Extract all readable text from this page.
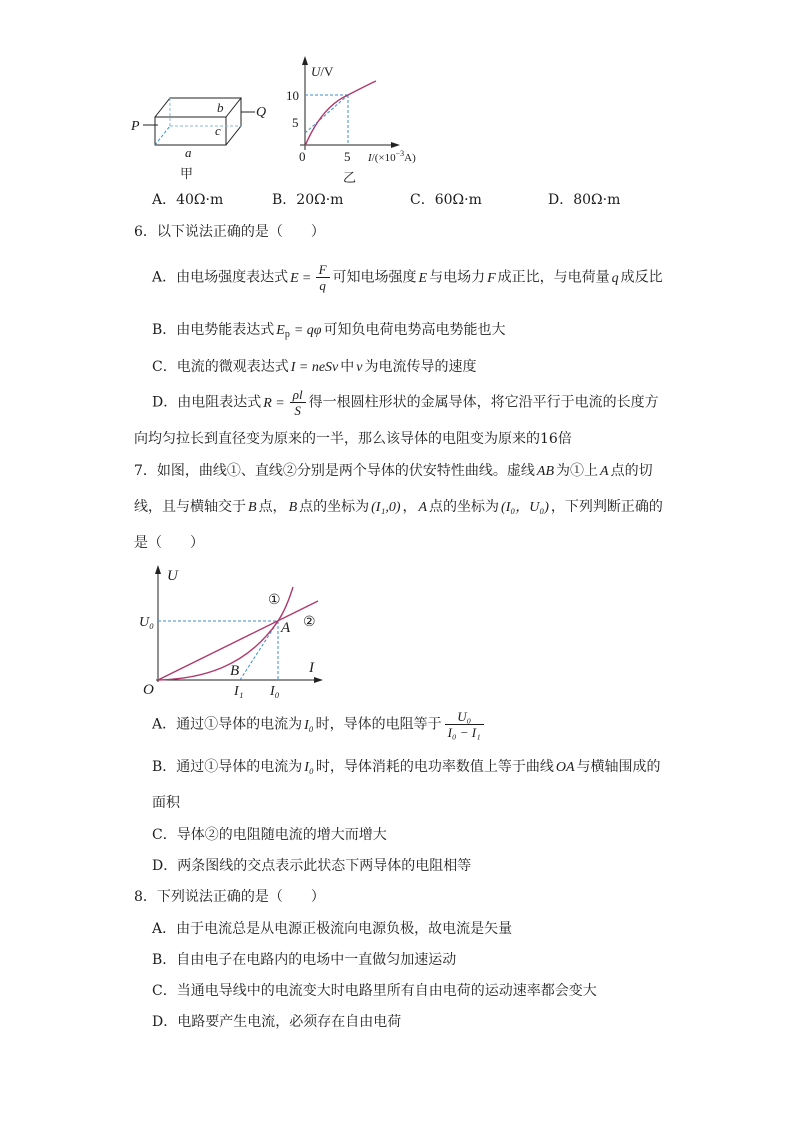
P
Q
b
c
a
甲
U/V
10
5
0	5 $I/(\times 10^{-3}A)$
乙
A．40Ω·m	B．20Ω·m	C．60Ω·m	D．80Ω·m
6．以下说法正确的是（　　）
A．由电场强度表达式 $E = \frac{F}{q}$ 可知电场强度 E 与电场力 F 成正比，与电荷量 q 成反比
B．由电势能表达式 $E_p = q\varphi$ 可知负电荷电势高电势能也大
C．电流的微观表达式 I = neSv 中 v 为电流传导的速度
D．由电阻表达式 $R = \frac{\rho l}{S}$ 得一根圆柱形状的金属导体，将它沿平行于电流的长度方
向均匀拉长到直径变为原来的一半，那么该导体的电阻变为原来的16倍
7．如图，曲线①、直线②分别是两个导体的伏安特性曲线。虚线 AB 为①上 A 点的切
线，且与横轴交于 B 点， B 点的坐标为 (I₁,0) ， A 点的坐标为 (I₀，U₀) ，下列判断正确的
是（　　）
U
I
O
U₀	A
B
I₁ I₀
①
②
A．通过①导体的电流为 I₀ 时，导体的电阻等于 $\frac{\text{U₀}}{\text{I₀ − I₁}}$
B．通过①导体的电流为 I₀ 时，导体消耗的电功率数值上等于曲线 OA 与横轴围成的
面积
C．导体②的电阻随电流的增大而增大
D．两条图线的交点表示此状态下两导体的电阻相等
8．下列说法正确的是（　　）
A．由于电流总是从电源正极流向电源负极，故电流是矢量
B．自由电子在电路内的电场中一直做匀加速运动
C．当通电导线中的电流变大时电路里所有自由电荷的运动速率都会变大
D．电路要产生电流，必须存在自由电荷
